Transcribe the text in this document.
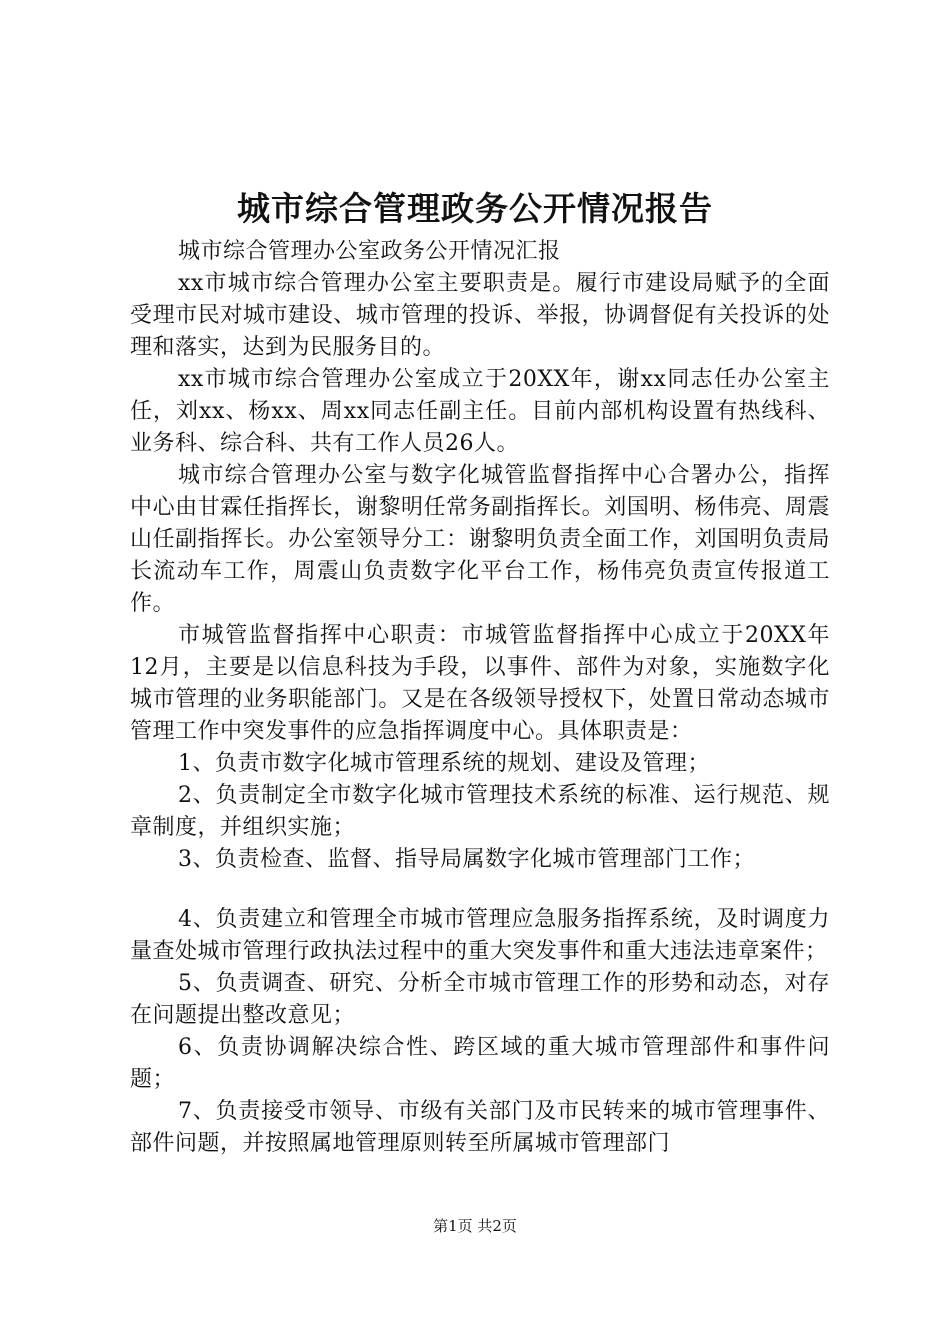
城市综合管理政务公开情况报告

城市综合管理办公室政务公开情况汇报

xx市城市综合管理办公室主要职责是。履行市建设局赋予的全面受理市民对城市建设、城市管理的投诉、举报，协调督促有关投诉的处理和落实，达到为民服务目的。

xx市城市综合管理办公室成立于20XX年，谢xx同志任办公室主任，刘xx、杨xx、周xx同志任副主任。目前内部机构设置有热线科、业务科、综合科、共有工作人员26人。

城市综合管理办公室与数字化城管监督指挥中心合署办公，指挥中心由甘霖任指挥长，谢黎明任常务副指挥长。刘国明、杨伟亮、周震山任副指挥长。办公室领导分工：谢黎明负责全面工作，刘国明负责局长流动车工作，周震山负责数字化平台工作，杨伟亮负责宣传报道工作。

市城管监督指挥中心职责：市城管监督指挥中心成立于20XX年12月，主要是以信息科技为手段，以事件、部件为对象，实施数字化城市管理的业务职能部门。又是在各级领导授权下，处置日常动态城市管理工作中突发事件的应急指挥调度中心。具体职责是：

1、负责市数字化城市管理系统的规划、建设及管理；

2、负责制定全市数字化城市管理技术系统的标准、运行规范、规章制度，并组织实施；

3、负责检查、监督、指导局属数字化城市管理部门工作；

4、负责建立和管理全市城市管理应急服务指挥系统，及时调度力量查处城市管理行政执法过程中的重大突发事件和重大违法违章案件；

5、负责调查、研究、分析全市城市管理工作的形势和动态，对存在问题提出整改意见；

6、负责协调解决综合性、跨区域的重大城市管理部件和事件问题；

7、负责接受市领导、市级有关部门及市民转来的城市管理事件、部件问题，并按照属地管理原则转至所属城市管理部门

第1页 共2页
